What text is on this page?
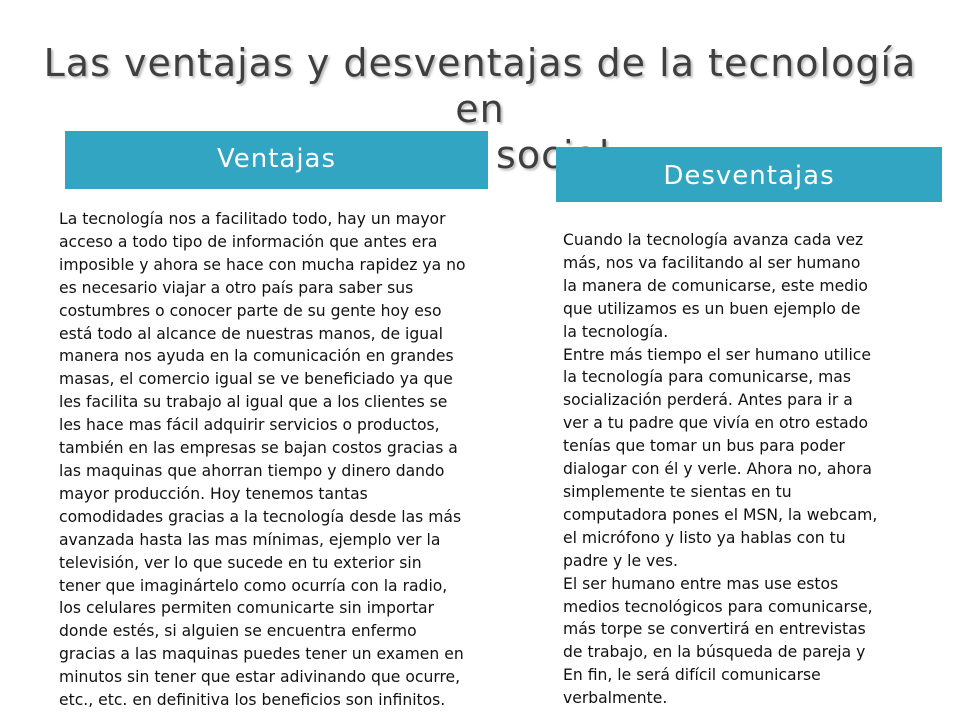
Las ventajas y desventajas de la tecnología en
social
Ventajas
Desventajas

La tecnología nos a facilitado todo, hay un mayor
acceso a todo tipo de información que antes era
imposible y ahora se hace con mucha rapidez ya no
es necesario viajar a otro país para saber sus
costumbres o conocer parte de su gente hoy eso
está todo al alcance de nuestras manos, de igual
manera nos ayuda en la comunicación en grandes
masas, el comercio igual se ve beneficiado ya que
les facilita su trabajo al igual que a los clientes se
les hace mas fácil adquirir servicios o productos,
también en las empresas se bajan costos gracias a
las maquinas que ahorran tiempo y dinero dando
mayor producción. Hoy tenemos tantas
comodidades gracias a la tecnología desde las más
avanzada hasta las mas mínimas, ejemplo ver la
televisión, ver lo que sucede en tu exterior sin
tener que imaginártelo como ocurría con la radio,
los celulares permiten comunicarte sin importar
donde estés, si alguien se encuentra enfermo
gracias a las maquinas puedes tener un examen en
minutos sin tener que estar adivinando que ocurre,
etc., etc. en definitiva los beneficios son infinitos.

Cuando la tecnología avanza cada vez
más, nos va facilitando al ser humano
la manera de comunicarse, este medio
que utilizamos es un buen ejemplo de
la tecnología.
Entre más tiempo el ser humano utilice
la tecnología para comunicarse, mas
socialización perderá. Antes para ir a
ver a tu padre que vivía en otro estado
tenías que tomar un bus para poder
dialogar con él y verle. Ahora no, ahora
simplemente te sientas en tu
computadora pones el MSN, la webcam,
el micrófono y listo ya hablas con tu
padre y le ves.
El ser humano entre mas use estos
medios tecnológicos para comunicarse,
más torpe se convertirá en entrevistas
de trabajo, en la búsqueda de pareja y
En fin, le será difícil comunicarse
verbalmente.
